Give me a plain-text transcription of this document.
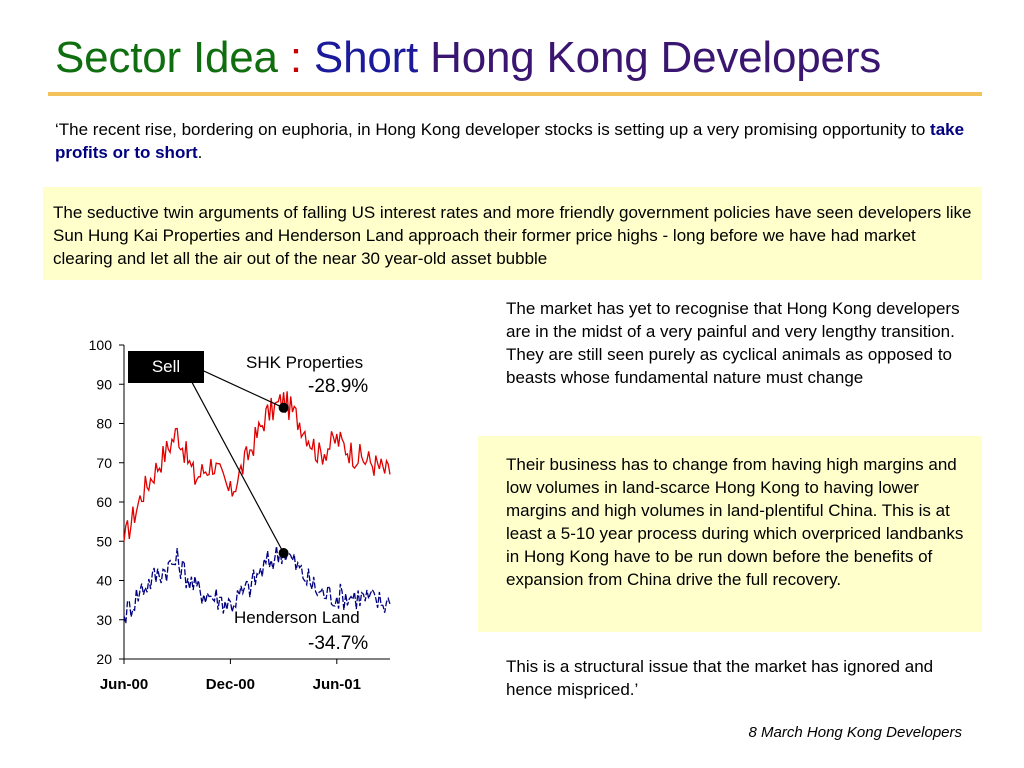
Sector Idea : Short Hong Kong Developers
‘The recent rise, bordering on euphoria, in Hong Kong developer stocks is setting up a very promising opportunity to take profits or to short.
The seductive twin arguments of falling US interest rates and more friendly government policies have seen developers like Sun Hung Kai Properties and Henderson Land approach their former price highs - long before we have had market clearing and let all the air out of the near 30 year-old asset bubble
The market has yet to recognise that Hong Kong developers are in the midst of a very painful and very lengthy transition. They are still seen purely as cyclical animals as opposed to beasts whose fundamental nature must change
Their business has to change from having high margins and low volumes in land-scarce Hong Kong to having lower margins and high volumes in land-plentiful China. This is at least a 5-10 year process during which overpriced landbanks in Hong Kong have to be run down before the benefits of expansion from China drive the full recovery.
This is a structural issue that the market has ignored and hence mispriced.’
8 March Hong Kong Developers
100
90
80
70
60
50
40
30
20
Jun-00	Dec-00	Jun-01
Sell	SHK Properties
-28.9%
Henderson Land
-34.7%
